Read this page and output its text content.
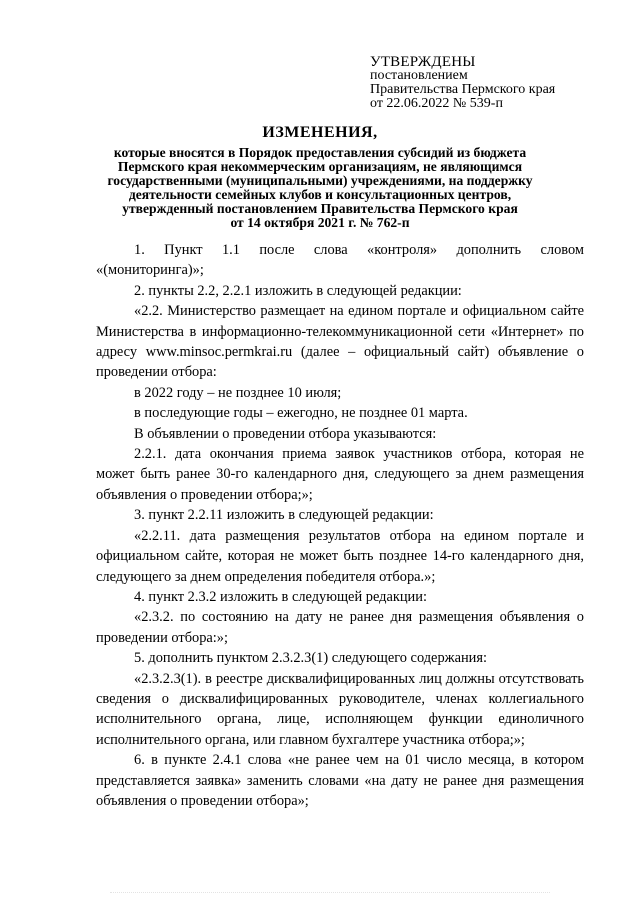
УТВЕРЖДЕНЫ
постановлением
Правительства Пермского края
от 22.06.2022 № 539-п
ИЗМЕНЕНИЯ,
которые вносятся в Порядок предоставления субсидий из бюджета
Пермского края некоммерческим организациям, не являющимся
государственными (муниципальными) учреждениями, на поддержку
деятельности семейных клубов и консультационных центров,
утвержденный постановлением Правительства Пермского края
от 14 октября 2021 г. № 762-п

1. Пункт 1.1 после слова «контроля» дополнить словом «(мониторинга)»;

2. пункты 2.2, 2.2.1 изложить в следующей редакции:

«2.2. Министерство размещает на едином портале и официальном сайте Министерства в информационно-телекоммуникационной сети «Интернет» по адресу www.minsoc.permkrai.ru (далее – официальный сайт) объявление о проведении отбора:

в 2022 году – не позднее 10 июля;

в последующие годы – ежегодно, не позднее 01 марта.

В объявлении о проведении отбора указываются:

2.2.1. дата окончания приема заявок участников отбора, которая не может быть ранее 30-го календарного дня, следующего за днем размещения объявления о проведении отбора;»;

3. пункт 2.2.11 изложить в следующей редакции:

«2.2.11. дата размещения результатов отбора на едином портале и официальном сайте, которая не может быть позднее 14-го календарного дня, следующего за днем определения победителя отбора.»;

4. пункт 2.3.2 изложить в следующей редакции:

«2.3.2. по состоянию на дату не ранее дня размещения объявления о проведении отбора:»;

5. дополнить пунктом 2.3.2.3(1) следующего содержания:

«2.3.2.3(1). в реестре дисквалифицированных лиц должны отсутствовать сведения о дисквалифицированных руководителе, членах коллегиального исполнительного органа, лице, исполняющем функции единоличного исполнительного органа, или главном бухгалтере участника отбора;»;

6. в пункте 2.4.1 слова «не ранее чем на 01 число месяца, в котором представляется заявка» заменить словами «на дату не ранее дня размещения объявления о проведении отбора»;
